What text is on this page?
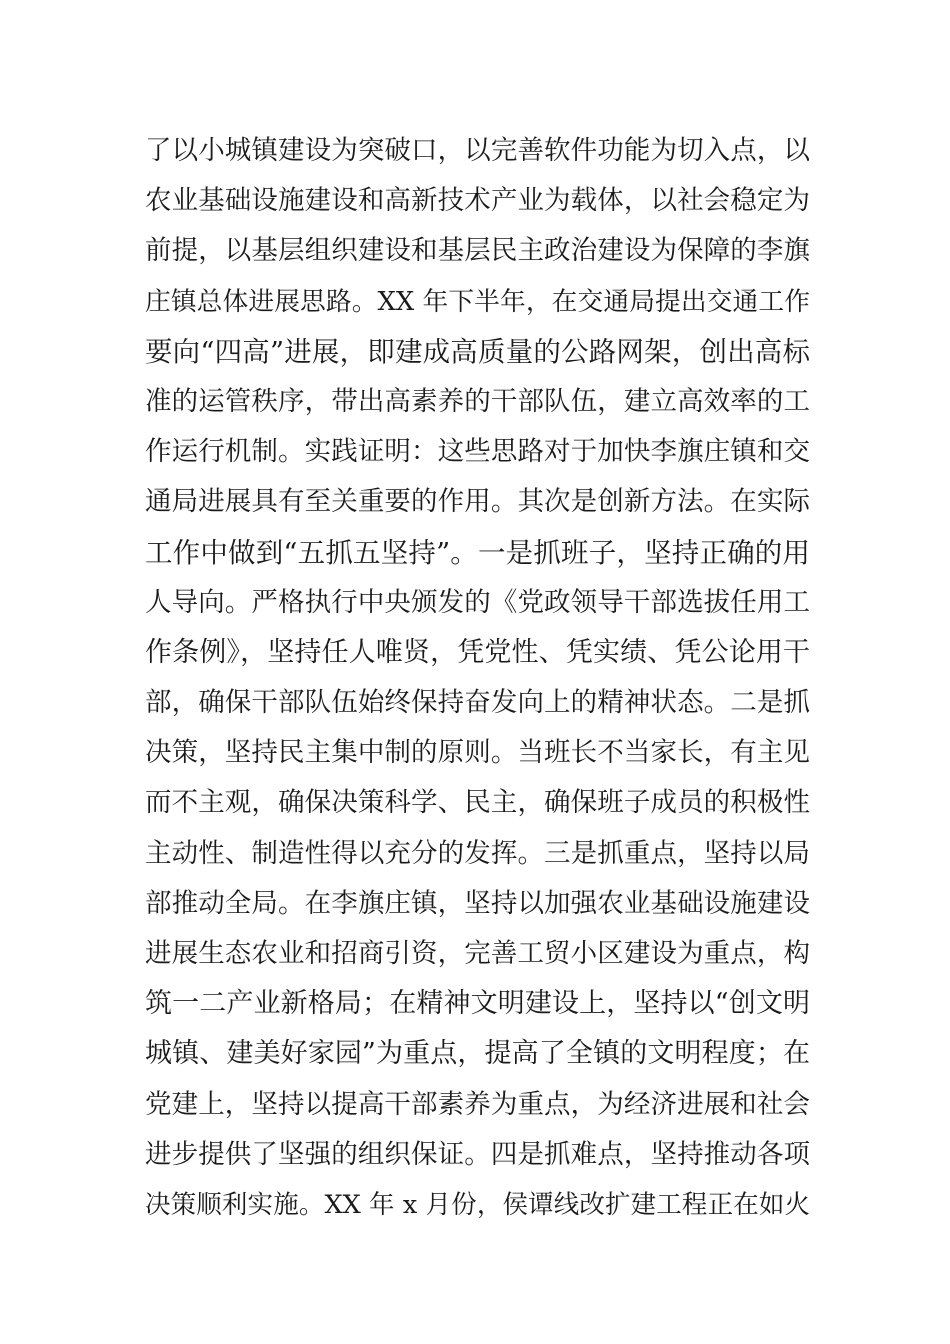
了以小城镇建设为突破口，以完善软件功能为切入点，以
农业基础设施建设和高新技术产业为载体，以社会稳定为
前提，以基层组织建设和基层民主政治建设为保障的李旗
庄镇总体进展思路。XX 年下半年，在交通局提出交通工作
要向“四高”进展，即建成高质量的公路网架，创出高标
准的运管秩序，带出高素养的干部队伍，建立高效率的工
作运行机制。实践证明：这些思路对于加快李旗庄镇和交
通局进展具有至关重要的作用。其次是创新方法。在实际
工作中做到“五抓五坚持”。一是抓班子，坚持正确的用
人导向。严格执行中央颁发的《党政领导干部选拔任用工
作条例》，坚持任人唯贤，凭党性、凭实绩、凭公论用干
部，确保干部队伍始终保持奋发向上的精神状态。二是抓
决策，坚持民主集中制的原则。当班长不当家长，有主见
而不主观，确保决策科学、民主，确保班子成员的积极性
主动性、制造性得以充分的发挥。三是抓重点，坚持以局
部推动全局。在李旗庄镇，坚持以加强农业基础设施建设
进展生态农业和招商引资，完善工贸小区建设为重点，构
筑一二产业新格局；在精神文明建设上，坚持以“创文明
城镇、建美好家园”为重点，提高了全镇的文明程度；在
党建上，坚持以提高干部素养为重点，为经济进展和社会
进步提供了坚强的组织保证。四是抓难点，坚持推动各项
决策顺利实施。XX 年 x 月份，侯谭线改扩建工程正在如火
